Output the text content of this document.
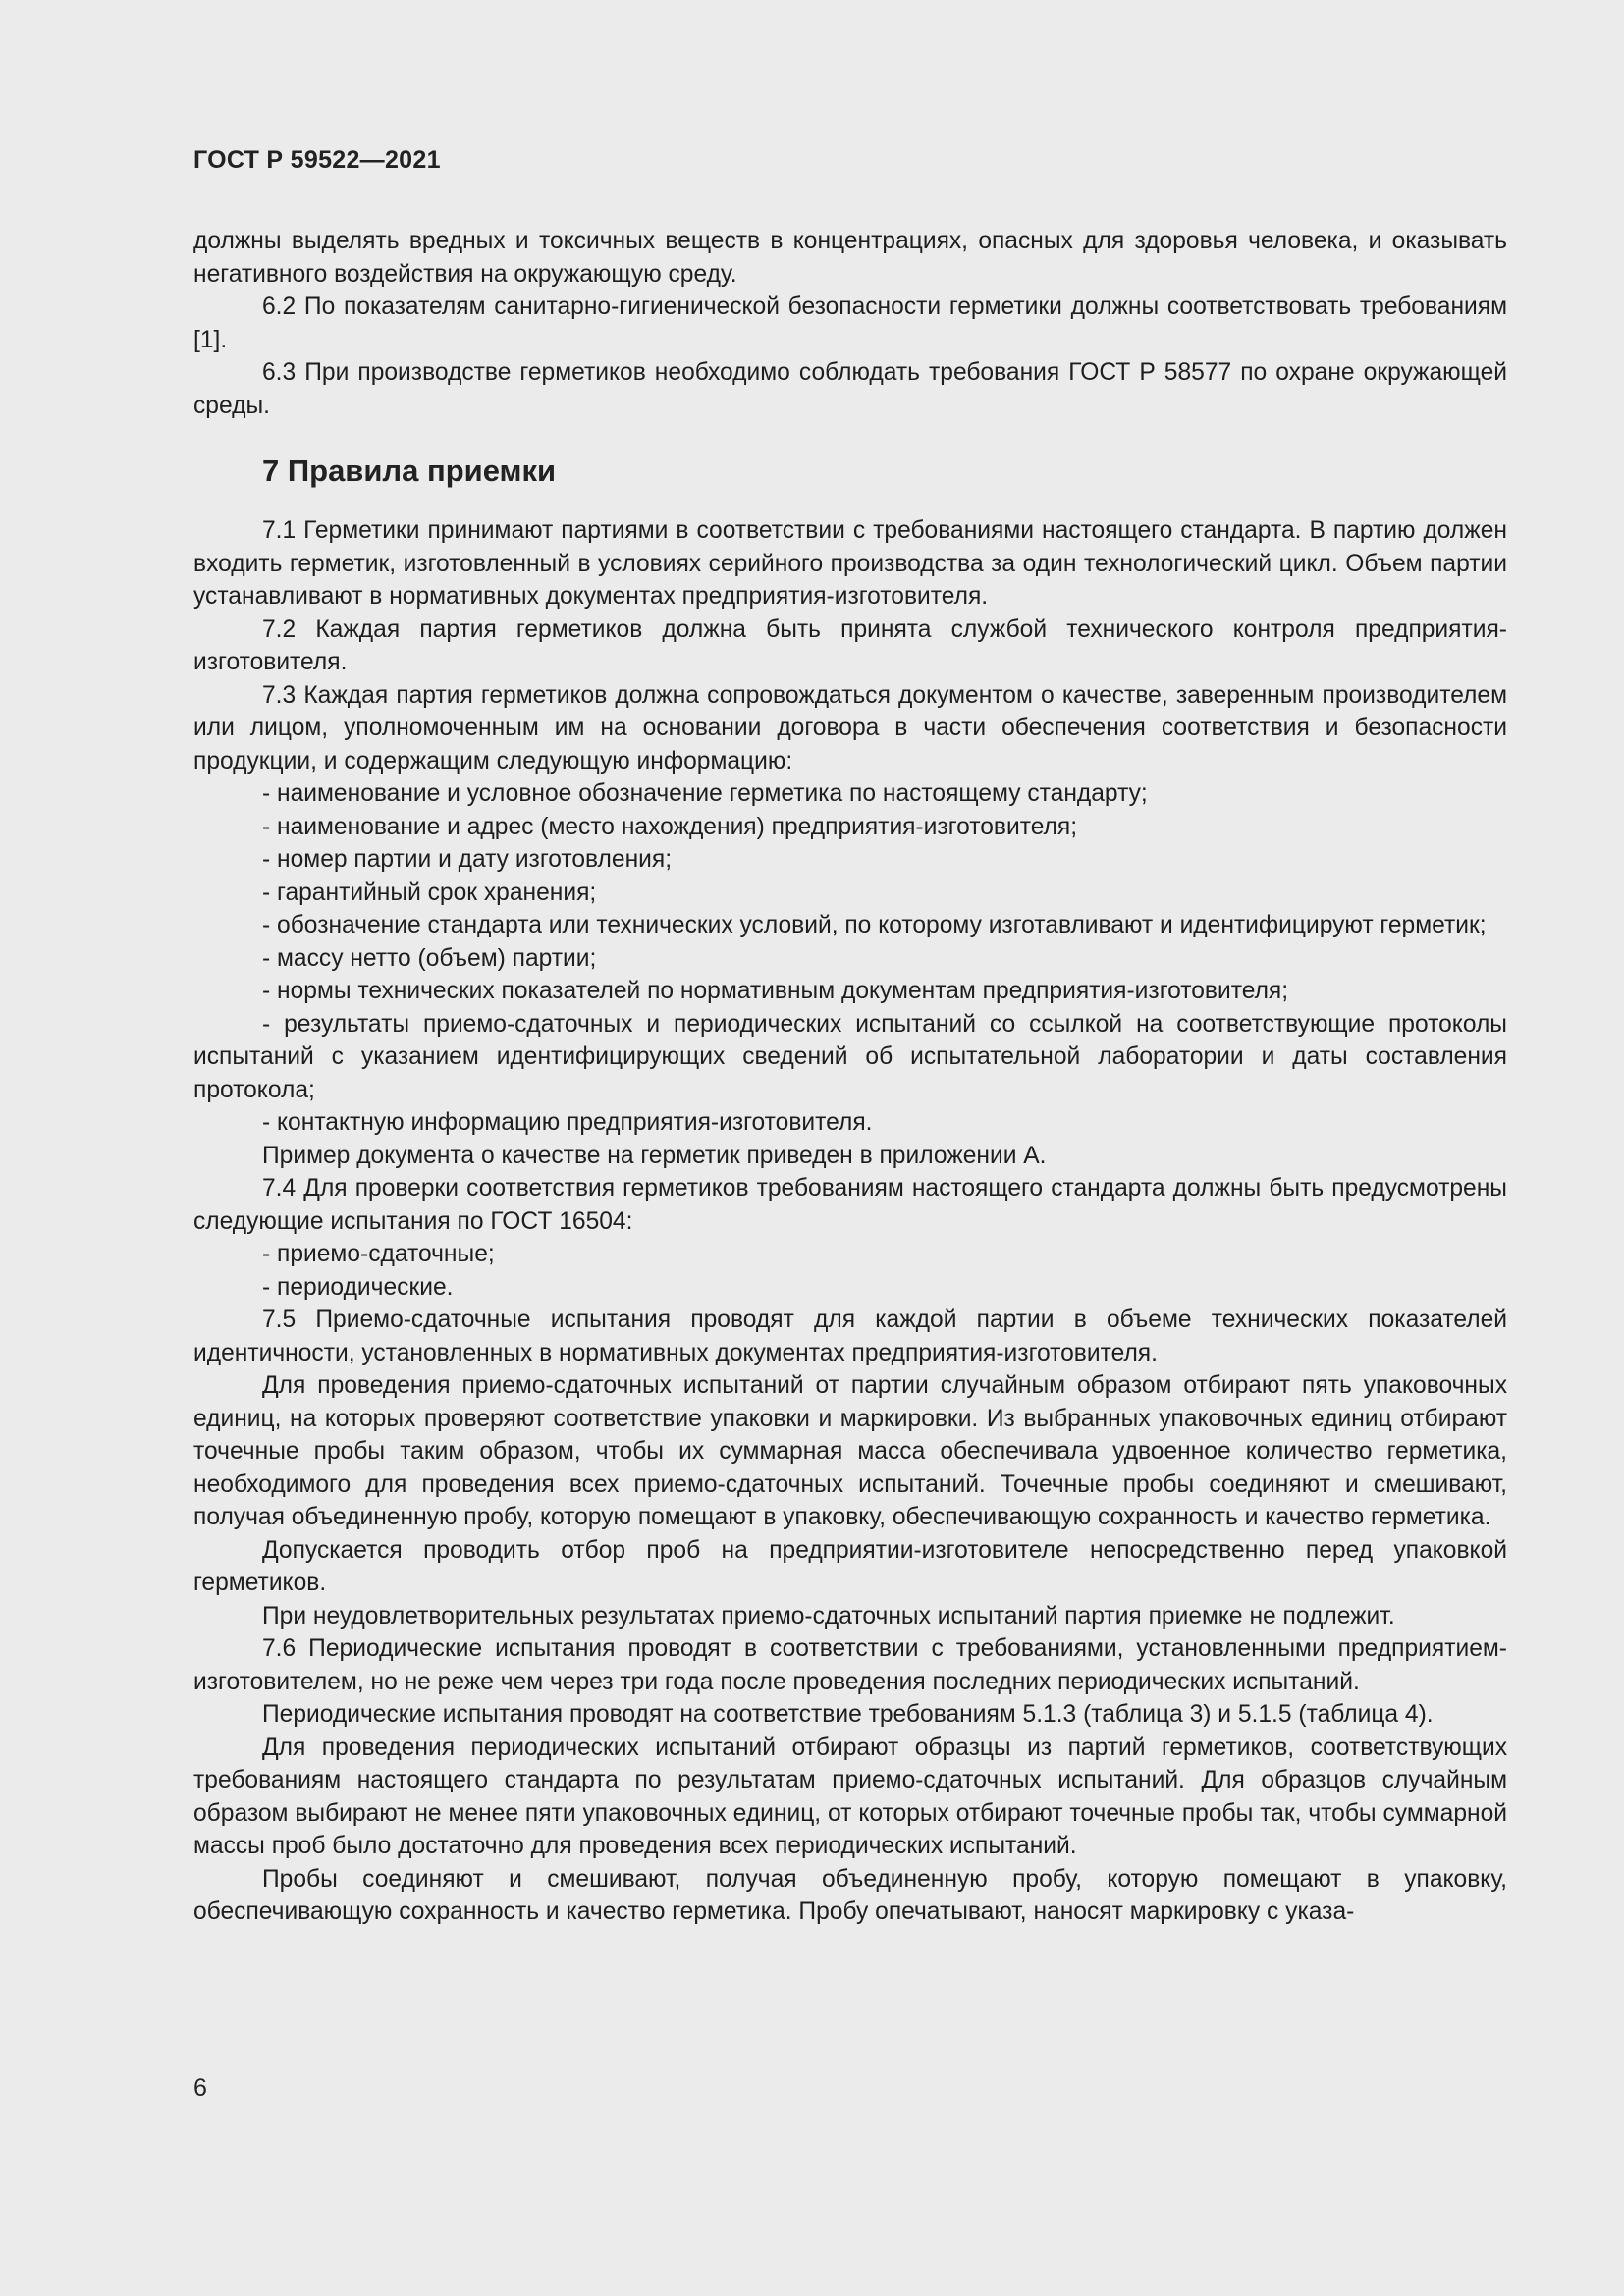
ГОСТ Р 59522—2021

должны выделять вредных и токсичных веществ в концентрациях, опасных для здоровья человека, и оказывать негативного воздействия на окружающую среду.

6.2 По показателям санитарно-гигиенической безопасности герметики должны соответствовать требованиям [1].

6.3 При производстве герметиков необходимо соблюдать требования ГОСТ Р 58577 по охране окружающей среды.

7 Правила приемки

7.1 Герметики принимают партиями в соответствии с требованиями настоящего стандарта. В партию должен входить герметик, изготовленный в условиях серийного производства за один технологический цикл. Объем партии устанавливают в нормативных документах предприятия-изготовителя.

7.2 Каждая партия герметиков должна быть принята службой технического контроля предприятия-изготовителя.

7.3 Каждая партия герметиков должна сопровождаться документом о качестве, заверенным производителем или лицом, уполномоченным им на основании договора в части обеспечения соответствия и безопасности продукции, и содержащим следующую информацию:

- наименование и условное обозначение герметика по настоящему стандарту;

- наименование и адрес (место нахождения) предприятия-изготовителя;

- номер партии и дату изготовления;

- гарантийный срок хранения;

- обозначение стандарта или технических условий, по которому изготавливают и идентифицируют герметик;

- массу нетто (объем) партии;

- нормы технических показателей по нормативным документам предприятия-изготовителя;

- результаты приемо-сдаточных и периодических испытаний со ссылкой на соответствующие протоколы испытаний с указанием идентифицирующих сведений об испытательной лаборатории и даты составления протокола;

- контактную информацию предприятия-изготовителя.

Пример документа о качестве на герметик приведен в приложении А.

7.4 Для проверки соответствия герметиков требованиям настоящего стандарта должны быть предусмотрены следующие испытания по ГОСТ 16504:

- приемо-сдаточные;

- периодические.

7.5 Приемо-сдаточные испытания проводят для каждой партии в объеме технических показателей идентичности, установленных в нормативных документах предприятия-изготовителя.

Для проведения приемо-сдаточных испытаний от партии случайным образом отбирают пять упаковочных единиц, на которых проверяют соответствие упаковки и маркировки. Из выбранных упаковочных единиц отбирают точечные пробы таким образом, чтобы их суммарная масса обеспечивала удвоенное количество герметика, необходимого для проведения всех приемо-сдаточных испытаний. Точечные пробы соединяют и смешивают, получая объединенную пробу, которую помещают в упаковку, обеспечивающую сохранность и качество герметика.

Допускается проводить отбор проб на предприятии-изготовителе непосредственно перед упаковкой герметиков.

При неудовлетворительных результатах приемо-сдаточных испытаний партия приемке не подлежит.

7.6 Периодические испытания проводят в соответствии с требованиями, установленными предприятием-изготовителем, но не реже чем через три года после проведения последних периодических испытаний.

Периодические испытания проводят на соответствие требованиям 5.1.3 (таблица 3) и 5.1.5 (таблица 4).

Для проведения периодических испытаний отбирают образцы из партий герметиков, соответствующих требованиям настоящего стандарта по результатам приемо-сдаточных испытаний. Для образцов случайным образом выбирают не менее пяти упаковочных единиц, от которых отбирают точечные пробы так, чтобы суммарной массы проб было достаточно для проведения всех периодических испытаний.

Пробы соединяют и смешивают, получая объединенную пробу, которую помещают в упаковку, обеспечивающую сохранность и качество герметика. Пробу опечатывают, наносят маркировку с указа-

6
